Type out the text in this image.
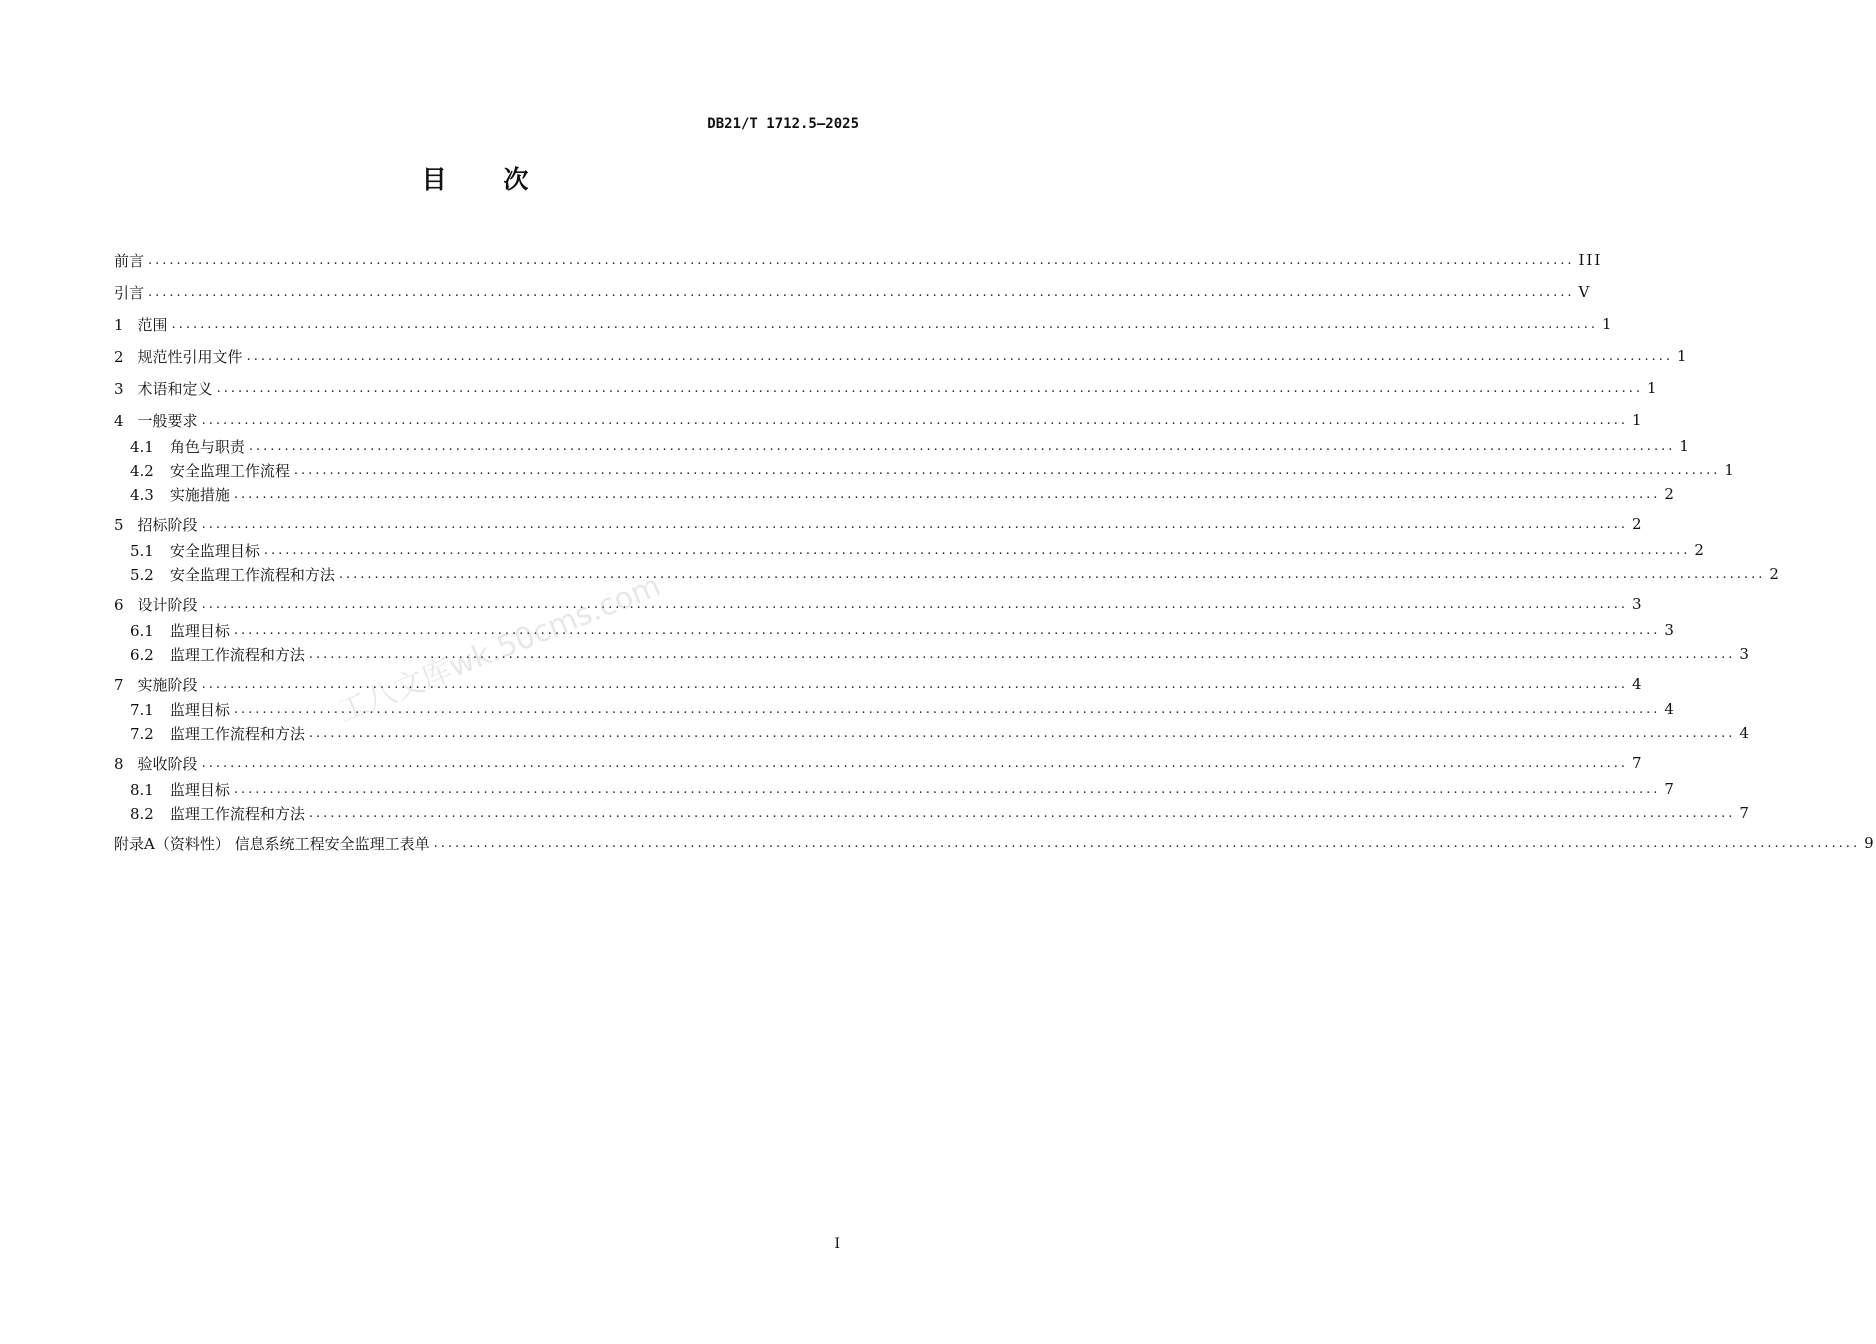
DB21/T 1712.5—2025
目 次
前言 ........................................................................................................................................................................................................ III
引言 ........................................................................................................................................................................................................ V
1 范围 ........................................................................................................................................................................................................ 1
2 规范性引用文件 ........................................................................................................................................................................................................ 1
3 术语和定义 ........................................................................................................................................................................................................ 1
4 一般要求 ........................................................................................................................................................................................................ 1
4.1 角色与职责 ........................................................................................................................................................................................................ 1
4.2 安全监理工作流程 ........................................................................................................................................................................................................ 1
4.3 实施措施 ........................................................................................................................................................................................................ 2
5 招标阶段 ........................................................................................................................................................................................................ 2
5.1 安全监理目标 ........................................................................................................................................................................................................ 2
5.2 安全监理工作流程和方法 ........................................................................................................................................................................................................ 2
6 设计阶段 ........................................................................................................................................................................................................ 3
6.1 监理目标 ........................................................................................................................................................................................................ 3
6.2 监理工作流程和方法 ........................................................................................................................................................................................................ 3
7 实施阶段 ........................................................................................................................................................................................................ 4
7.1 监理目标 ........................................................................................................................................................................................................ 4
7.2 监理工作流程和方法 ........................................................................................................................................................................................................ 4
8 验收阶段 ........................................................................................................................................................................................................ 7
8.1 监理目标 ........................................................................................................................................................................................................ 7
8.2 监理工作流程和方法 ........................................................................................................................................................................................................ 7
附录A（资料性） 信息系统工程安全监理工表单 ........................................................................................................................................................................................................ 9
I
工八文库wk.50cms.com
